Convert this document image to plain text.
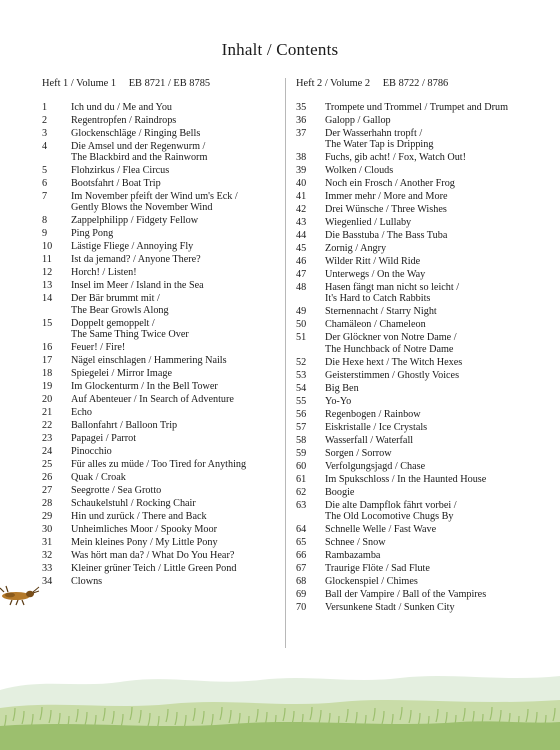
Inhalt / Contents
Heft 1 / Volume 1 EB 8721 / EB 8785
1	Ich und du / Me and You
2	Regentropfen / Raindrops
3	Glockenschläge / Ringing Bells
4	Die Amsel und der Regenwurm /
The Blackbird and the Rainworm
5	Flohzirkus / Flea Circus
6	Bootsfahrt / Boat Trip
7	Im November pfeift der Wind um's Eck /
Gently Blows the November Wind
8	Zappelphilipp / Fidgety Fellow
9	Ping Pong
10	Lästige Fliege / Annoying Fly
11	Ist da jemand? / Anyone There?
12	Horch! / Listen!
13	Insel im Meer / Island in the Sea
14	Der Bär brummt mit /
The Bear Growls Along
15	Doppelt gemoppelt /
The Same Thing Twice Over
16	Feuer! / Fire!
17	Nägel einschlagen / Hammering Nails
18	Spiegelei / Mirror Image
19	Im Glockenturm / In the Bell Tower
20	Auf Abenteuer / In Search of Adventure
21	Echo
22	Ballonfahrt / Balloon Trip
23	Papagei / Parrot
24	Pinocchio
25	Für alles zu müde / Too Tired for Anything
26	Quak / Croak
27	Seegrotte / Sea Grotto
28	Schaukelstuhl / Rocking Chair
29	Hin und zurück / There and Back
30	Unheimliches Moor / Spooky Moor
31	Mein kleines Pony / My Little Pony
32	Was hört man da? / What Do You Hear?
33	Kleiner grüner Teich / Little Green Pond
34	Clowns
Heft 2 / Volume 2 EB 8722 / 8786
35	Trompete und Trommel / Trumpet and Drum
36	Galopp / Gallop
37	Der Wasserhahn tropft /
The Water Tap is Dripping
38	Fuchs, gib acht! / Fox, Watch Out!
39	Wolken / Clouds
40	Noch ein Frosch / Another Frog
41	Immer mehr / More and More
42	Drei Wünsche / Three Wishes
43	Wiegenlied / Lullaby
44	Die Basstuba / The Bass Tuba
45	Zornig / Angry
46	Wilder Ritt / Wild Ride
47	Unterwegs / On the Way
48	Hasen fängt man nicht so leicht /
It's Hard to Catch Rabbits
49	Sternennacht / Starry Night
50	Chamäleon / Chameleon
51	Der Glöckner von Notre Dame /
The Hunchback of Notre Dame
52	Die Hexe hext / The Witch Hexes
53	Geisterstimmen / Ghostly Voices
54	Big Ben
55	Yo-Yo
56	Regenbogen / Rainbow
57	Eiskristalle / Ice Crystals
58	Wasserfall / Waterfall
59	Sorgen / Sorrow
60	Verfolgungsjagd / Chase
61	Im Spukschloss / In the Haunted House
62	Boogie
63	Die alte Dampflok fährt vorbei /
The Old Locomotive Chugs By
64	Schnelle Welle / Fast Wave
65	Schnee / Snow
66	Rambazamba
67	Traurige Flöte / Sad Flute
68	Glockenspiel / Chimes
69	Ball der Vampire / Ball of the Vampires
70	Versunkene Stadt / Sunken City
